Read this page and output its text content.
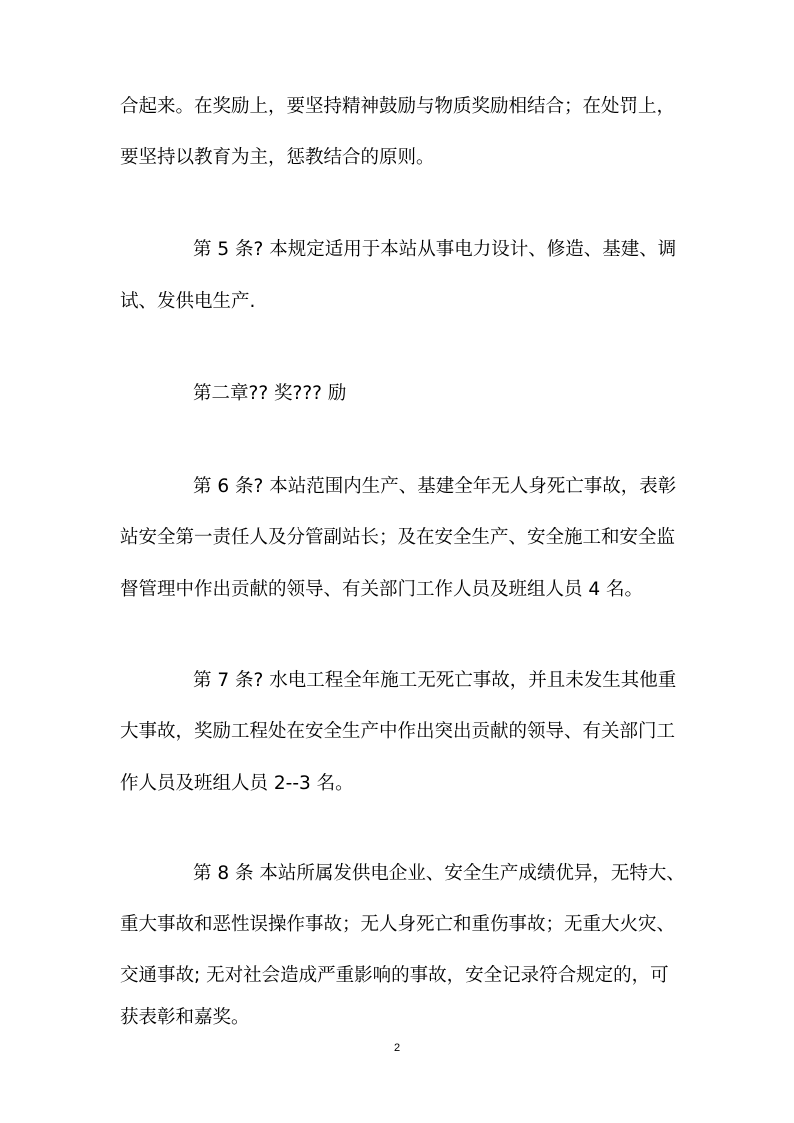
合起来。在奖励上，要坚持精神鼓励与物质奖励相结合；在处罚上，
要坚持以教育为主，惩教结合的原则。
第 5 条? 本规定适用于本站从事电力设计、修造、基建、调
试、发供电生产.
第二章?? 奖??? 励
第 6 条? 本站范围内生产、基建全年无人身死亡事故，表彰
站安全第一责任人及分管副站长；及在安全生产、安全施工和安全监
督管理中作出贡献的领导、有关部门工作人员及班组人员 4 名。
第 7 条? 水电工程全年施工无死亡事故，并且未发生其他重
大事故，奖励工程处在安全生产中作出突出贡献的领导、有关部门工
作人员及班组人员 2--3 名。
第 8 条 本站所属发供电企业、安全生产成绩优异，无特大、
重大事故和恶性误操作事故；无人身死亡和重伤事故；无重大火灾、
交通事故; 无对社会造成严重影响的事故，安全记录符合规定的，可
获表彰和嘉奖。
2
